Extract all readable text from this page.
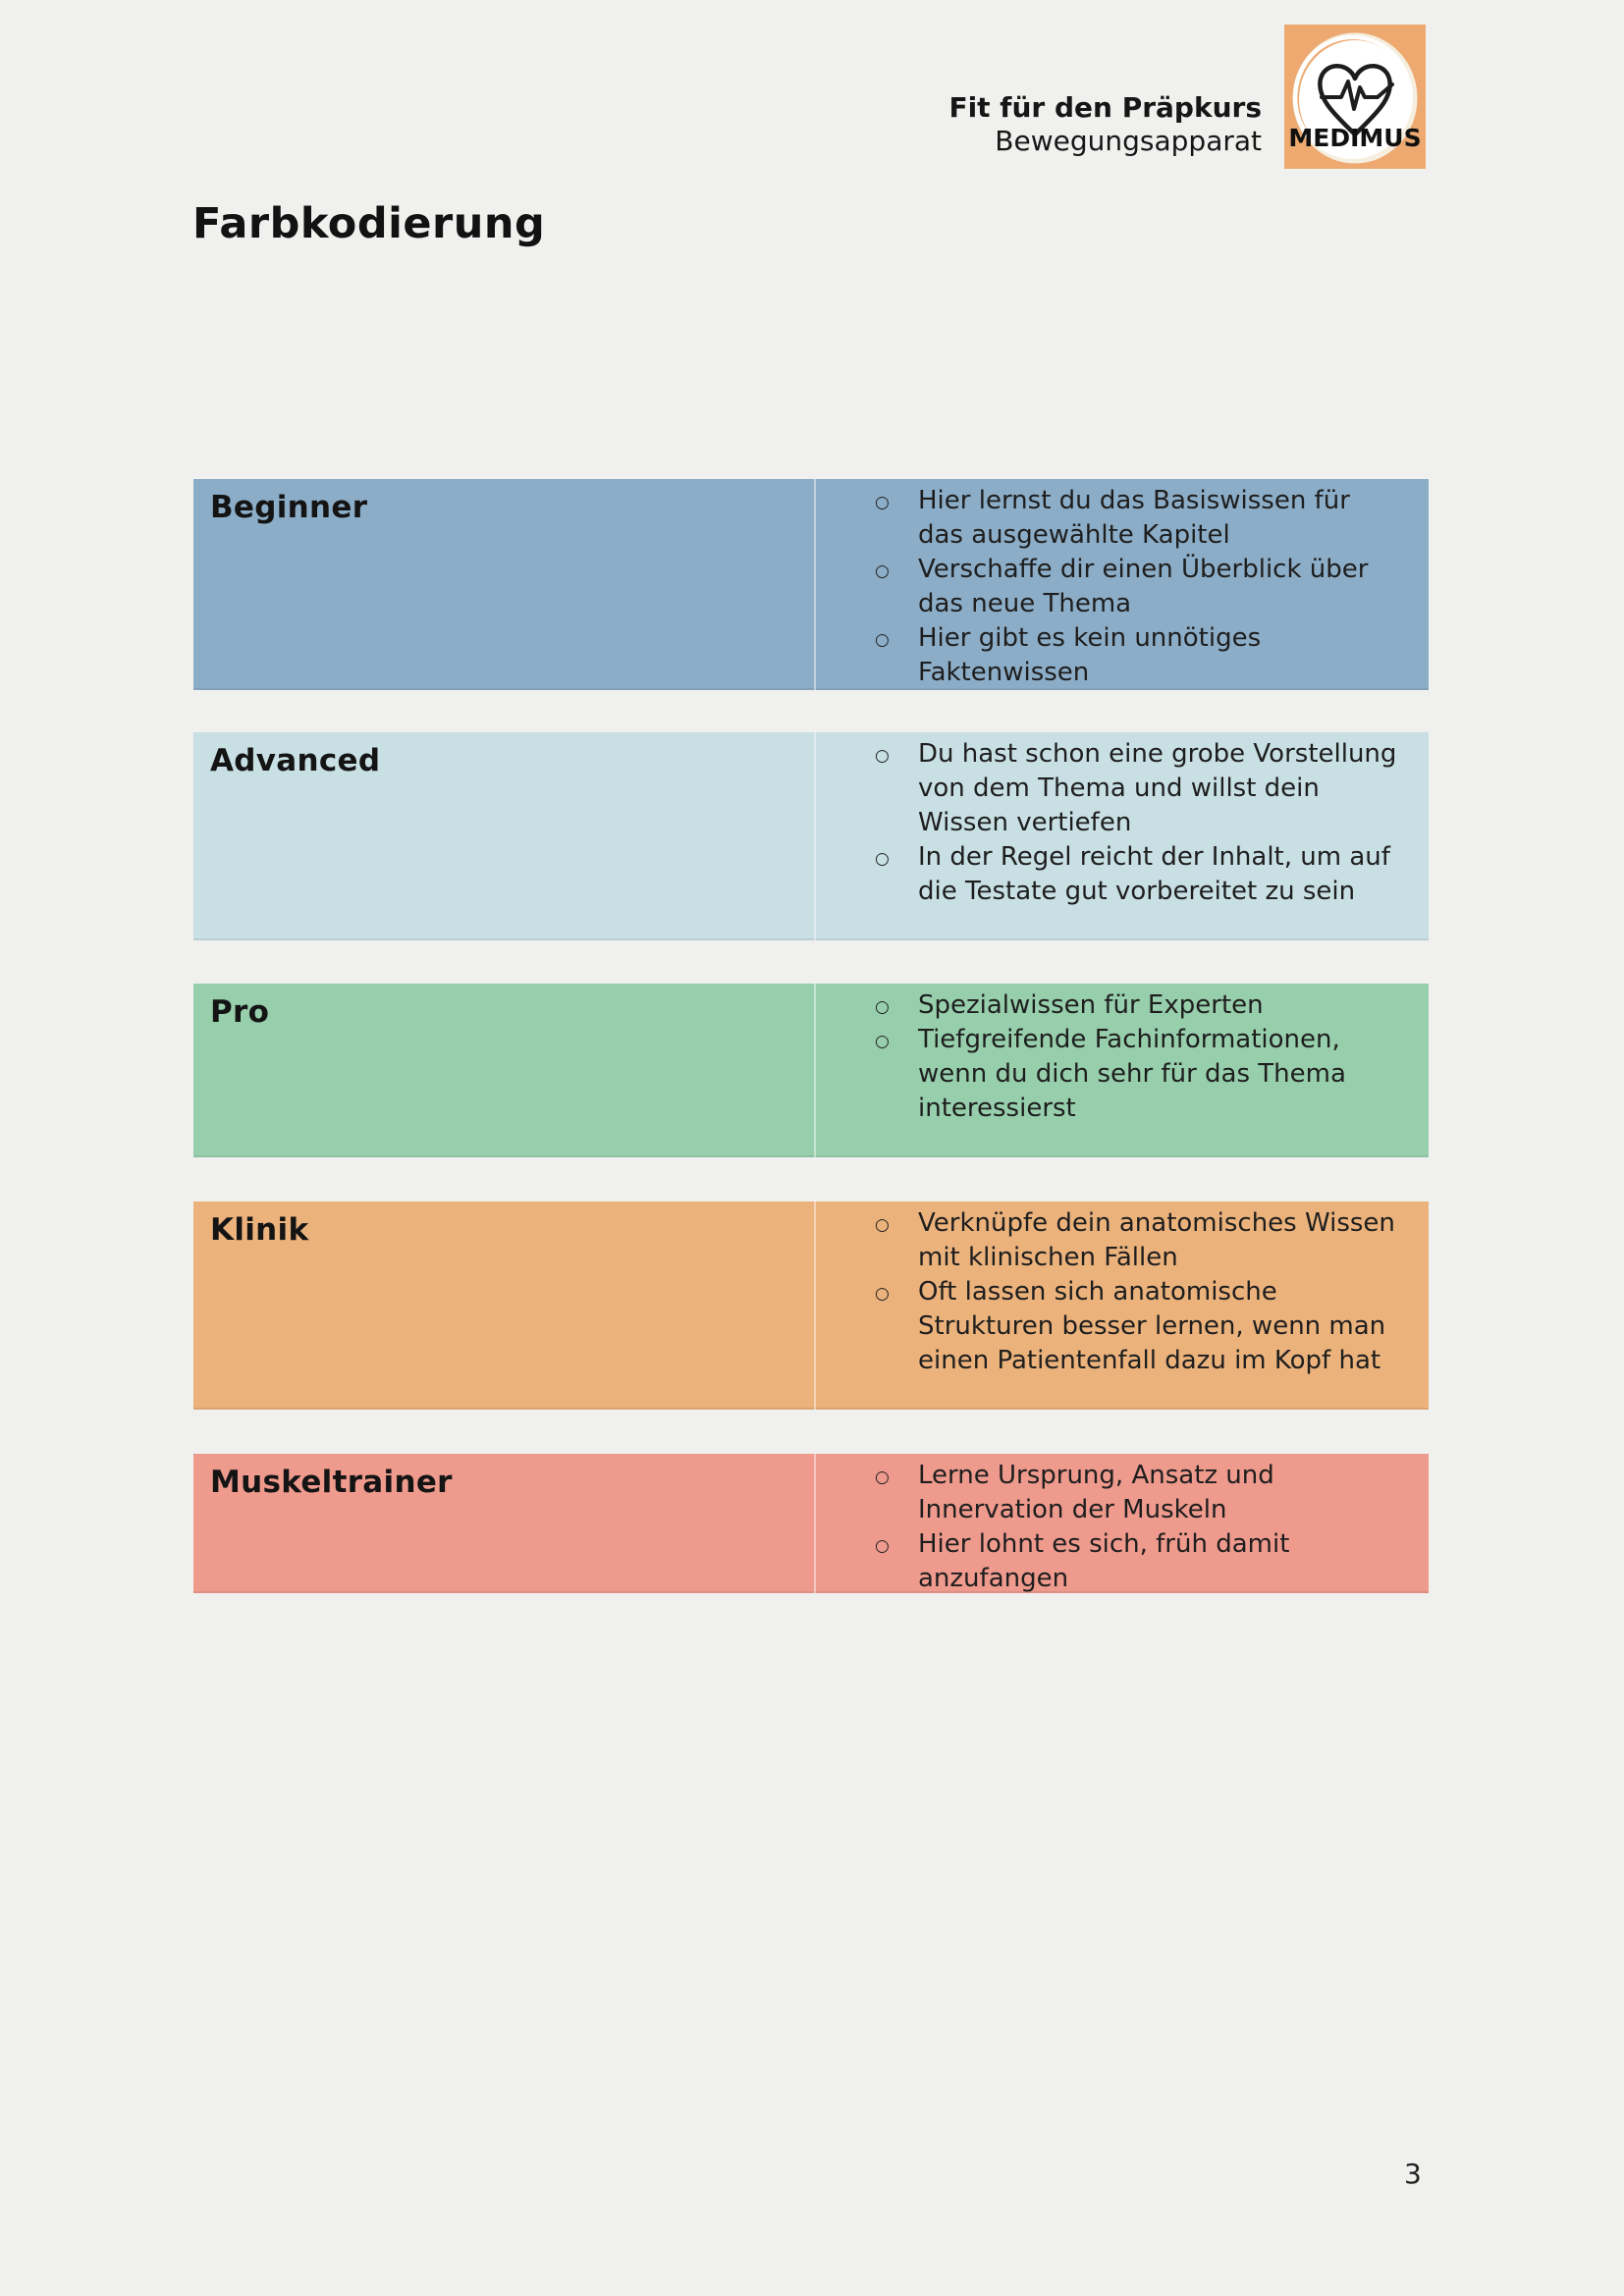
Fit für den Präpkurs
Bewegungsapparat MEDIMUS
Farbkodierung
Beginner	○ Hier lernst du das Basiswissen für das ausgewählte Kapitel
○ Verschaffe dir einen Überblick über das neue Thema
○ Hier gibt es kein unnötiges Faktenwissen
Advanced	○ Du hast schon eine grobe Vorstellung von dem Thema und willst dein Wissen vertiefen
○ In der Regel reicht der Inhalt, um auf die Testate gut vorbereitet zu sein
Pro	○ Spezialwissen für Experten
○ Tiefgreifende Fachinformationen, wenn du dich sehr für das Thema interessierst
Klinik	○ Verknüpfe dein anatomisches Wissen mit klinischen Fällen
○ Oft lassen sich anatomische Strukturen besser lernen, wenn man einen Patientenfall dazu im Kopf hat
Muskeltrainer	○ Lerne Ursprung, Ansatz und Innervation der Muskeln
○ Hier lohnt es sich, früh damit anzufangen
3
